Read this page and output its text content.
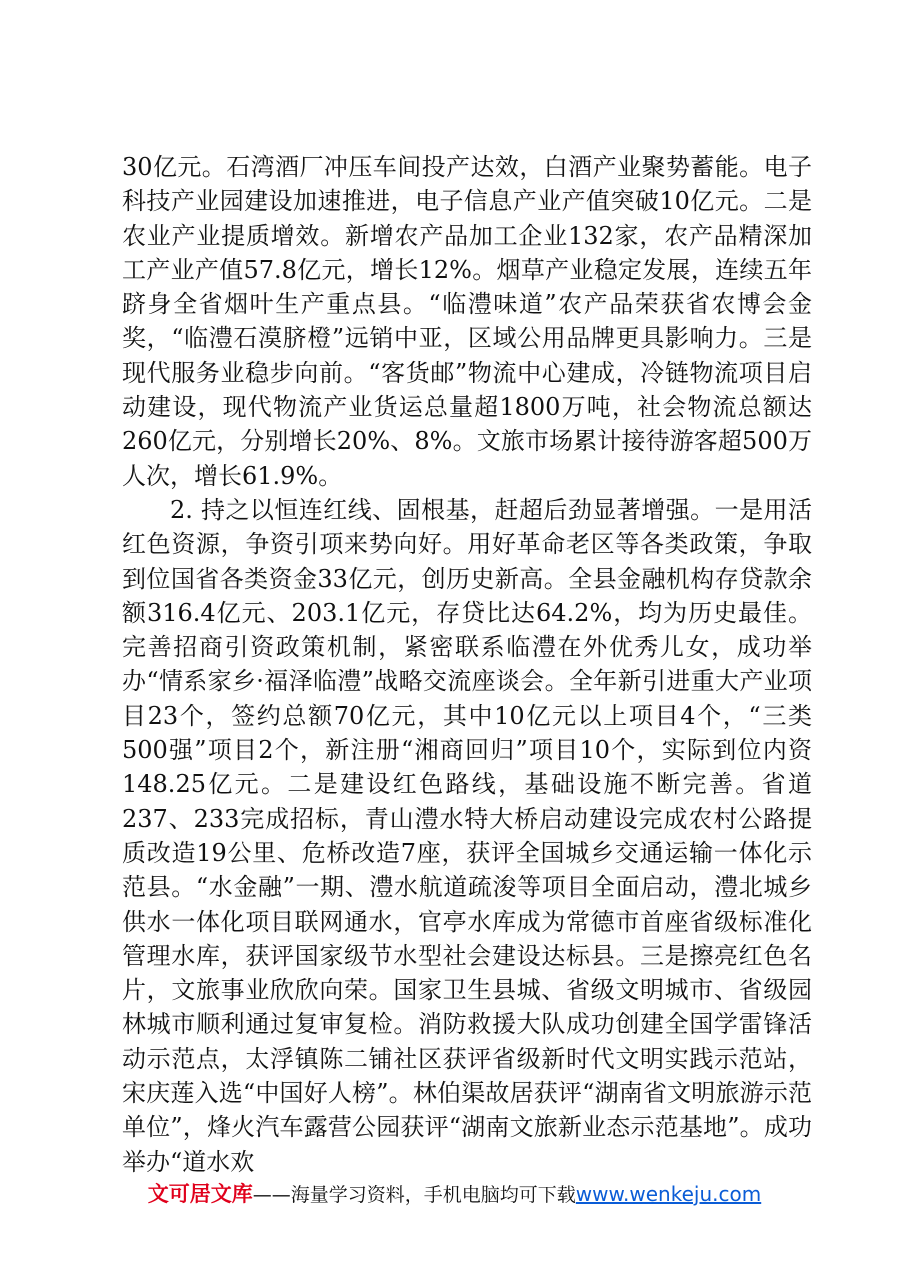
30亿元。石湾酒厂冲压车间投产达效，白酒产业聚势蓄能。电子科技产业园建设加速推进，电子信息产业产值突破10亿元。二是农业产业提质增效。新增农产品加工企业132家，农产品精深加工产业产值57.8亿元，增长12%。烟草产业稳定发展，连续五年跻身全省烟叶生产重点县。“临澧味道”农产品荣获省农博会金奖，“临澧石漠脐橙”远销中亚，区域公用品牌更具影响力。三是现代服务业稳步向前。“客货邮”物流中心建成，冷链物流项目启动建设，现代物流产业货运总量超1800万吨，社会物流总额达260亿元，分别增长20%、8%。文旅市场累计接待游客超500万人次，增长61.9%。

2. 持之以恒连红线、固根基，赶超后劲显著增强。一是用活红色资源，争资引项来势向好。用好革命老区等各类政策，争取到位国省各类资金33亿元，创历史新高。全县金融机构存贷款余额316.4亿元、203.1亿元，存贷比达64.2%，均为历史最佳。完善招商引资政策机制，紧密联系临澧在外优秀儿女，成功举办“情系家乡·福泽临澧”战略交流座谈会。全年新引进重大产业项目23个，签约总额70亿元，其中10亿元以上项目4个，“三类500强”项目2个，新注册“湘商回归”项目10个，实际到位内资148.25亿元。二是建设红色路线，基础设施不断完善。省道237、233完成招标，青山澧水特大桥启动建设完成农村公路提质改造19公里、危桥改造7座，获评全国城乡交通运输一体化示范县。“水金融”一期、澧水航道疏浚等项目全面启动，澧北城乡供水一体化项目联网通水，官亭水库成为常德市首座省级标准化管理水库，获评国家级节水型社会建设达标县。三是擦亮红色名片，文旅事业欣欣向荣。国家卫生县城、省级文明城市、省级园林城市顺利通过复审复检。消防救援大队成功创建全国学雷锋活动示范点，太浮镇陈二铺社区获评省级新时代文明实践示范站，宋庆莲入选“中国好人榜”。林伯渠故居获评“湖南省文明旅游示范单位”，烽火汽车露营公园获评“湖南文旅新业态示范基地”。成功举办“道水欢

文可居文库——海量学习资料，手机电脑均可下载www.wenkeju.com
